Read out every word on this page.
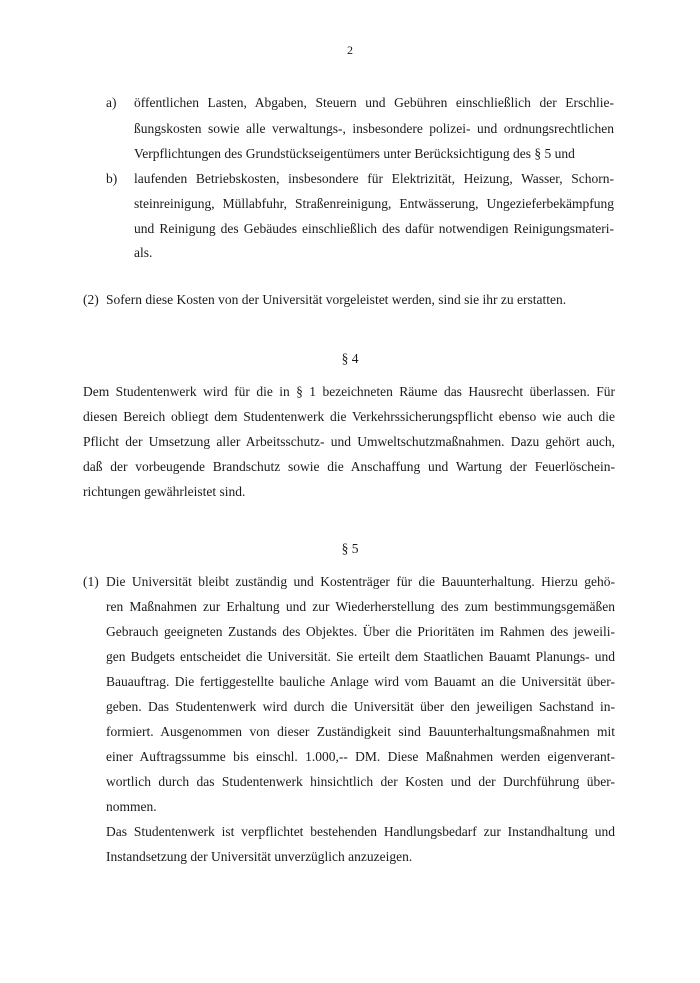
2
a) öffentlichen Lasten, Abgaben, Steuern und Gebühren einschließlich der Erschlie-
ßungskosten sowie alle verwaltungs-, insbesondere polizei- und ordnungsrechtlichen
Verpflichtungen des Grundstückseigentümers unter Berücksichtigung des § 5 und
b) laufenden Betriebskosten, insbesondere für Elektrizität, Heizung, Wasser, Schorn-
steinreinigung, Müllabfuhr, Straßenreinigung, Entwässerung, Ungezieferbekämpfung
und Reinigung des Gebäudes einschließlich des dafür notwendigen Reinigungsmateri-
als.
(2) Sofern diese Kosten von der Universität vorgeleistet werden, sind sie ihr zu erstatten.
§ 4
Dem Studentenwerk wird für die in § 1 bezeichneten Räume das Hausrecht überlassen. Für
diesen Bereich obliegt dem Studentenwerk die Verkehrssicherungspflicht ebenso wie auch die
Pflicht der Umsetzung aller Arbeitsschutz- und Umweltschutzmaßnahmen. Dazu gehört auch,
daß der vorbeugende Brandschutz sowie die Anschaffung und Wartung der Feuerlöschein-
richtungen gewährleistet sind.
§ 5
(1) Die Universität bleibt zuständig und Kostenträger für die Bauunterhaltung. Hierzu gehö-
ren Maßnahmen zur Erhaltung und zur Wiederherstellung des zum bestimmungsgemäßen
Gebrauch geeigneten Zustands des Objektes. Über die Prioritäten im Rahmen des jeweili-
gen Budgets entscheidet die Universität. Sie erteilt dem Staatlichen Bauamt Planungs- und
Bauauftrag. Die fertiggestellte bauliche Anlage wird vom Bauamt an die Universität über-
geben. Das Studentenwerk wird durch die Universität über den jeweiligen Sachstand in-
formiert. Ausgenommen von dieser Zuständigkeit sind Bauunterhaltungsmaßnahmen mit
einer Auftragssumme bis einschl. 1.000,-- DM. Diese Maßnahmen werden eigenverant-
wortlich durch das Studentenwerk hinsichtlich der Kosten und der Durchführung über-
nommen.
Das Studentenwerk ist verpflichtet bestehenden Handlungsbedarf zur Instandhaltung und
Instandsetzung der Universität unverzüglich anzuzeigen.
